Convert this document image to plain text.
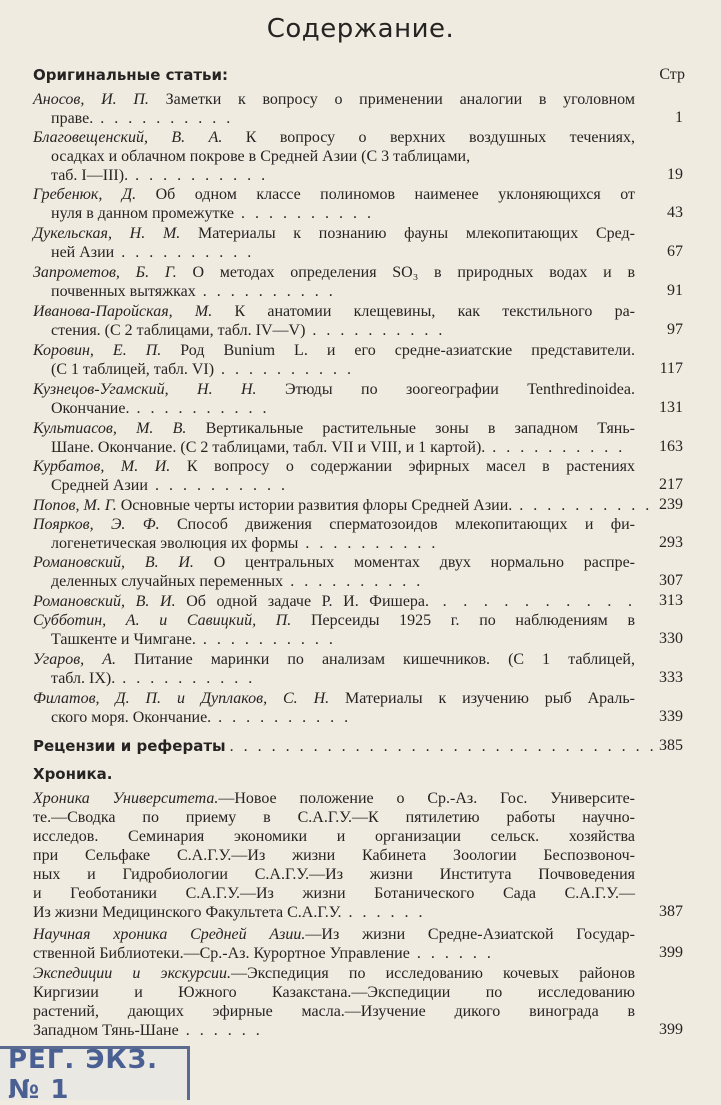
Содержание.
Оригинальные статьи:	Стр
Аносов, И. П. Заметки к вопросу о применении аналогии в уголовном
праве. . . . . . . . . . .	1
Благовещенский, В. А. К вопросу о верхних воздушных течениях,
осадках и облачном покрове в Средней Азии (С 3 таблицами,
таб. I—III). . . . . . . . . . .	19
Гребенюк, Д. Об одном классе полиномов наименее уклоняющихся от
нуля в данном промежутке . . . . . . . . . .	43
Дукельская, Н. М. Материалы к познанию фауны млекопитающих Сред-
ней Азии . . . . . . . . . .	67
Запрометов, Б. Г. О методах определения SO₃ в природных водах и в
почвенных вытяжках . . . . . . . . . .	91
Иванова-Паройская, М. К анатомии клещевины, как текстильного ра-
стения. (С 2 таблицами, табл. IV—V) . . . . . . . . . .	97
Коровин, Е. П. Род Bunium L. и его средне-азиатские представители.
(С 1 таблицей, табл. VI) . . . . . . . . . .	117
Кузнецов-Угамский, Н. Н. Этюды по зоогеографии Tenthredinoidea.
Окончание. . . . . . . . . . .	131
Культиасов, М. В. Вертикальные растительные зоны в западном Тянь-
Шане. Окончание. (С 2 таблицами, табл. VII и VIII, и 1 картой). . . . . . . . . . .	163
Курбатов, М. И. К вопросу о содержании эфирных масел в растениях
Средней Азии . . . . . . . . . .	217
Попов, М. Г. Основные черты истории развития флоры Средней Азии. . . . . . . . . . . 239
Поярков, Э. Ф. Способ движения сперматозоидов млекопитающих и фи-
логенетическая эволюция их формы . . . . . . . . . .	293
Романовский, В. И. О центральных моментах двух нормально распре-
деленных случайных переменных . . . . . . . . . .	307
Романовский, В. И. Об одной задаче Р. И. Фишера. . . . . . . . . . .	313
Субботин, А. и Савицкий, П. Персеиды 1925 г. по наблюдениям в
Ташкенте и Чимгане. . . . . . . . . . .	330
Угаров, А. Питание маринки по анализам кишечников. (С 1 таблицей,
табл. IX). . . . . . . . . . .	333
Филатов, Д. П. и Дуплаков, С. Н. Материалы к изучению рыб Араль-
ского моря. Окончание. . . . . . . . . . .	339
Рецензии и рефераты . . . . . . . . . . . . . . . . . . . . . . . . . . . . . . . 385
Хроника.
Хроника Университета.—Новое положение о Ср.-Аз. Гос. Университе-
те.—Сводка по приему в С.А.Г.У.—К пятилетию работы научно-
исследов. Семинария экономики и организации сельск. хозяйства
при Сельфаке С.А.Г.У.—Из жизни Кабинета Зоологии Беспозвоноч-
ных и Гидробиологии С.А.Г.У.—Из жизни Института Почвоведения
и Геоботаники С.А.Г.У.—Из жизни Ботанического Сада С.А.Г.У.—
Из жизни Медицинского Факультета С.А.Г.У. . . . . . .	387
Научная хроника Средней Азии.—Из жизни Средне-Азиатской Государ-
ственной Библиотеки.—Ср.-Аз. Курортное Управление . . . . . .	399
Экспедиции и экскурсии.—Экспедиция по исследованию кочевых районов
Киргизии и Южного Казакстана.—Экспедиции по исследованию
растений, дающих эфирные масла.—Изучение дикого винограда в
Западном Тянь-Шане . . . . . .	399
РЕГ. ЭКЗ. № 1
